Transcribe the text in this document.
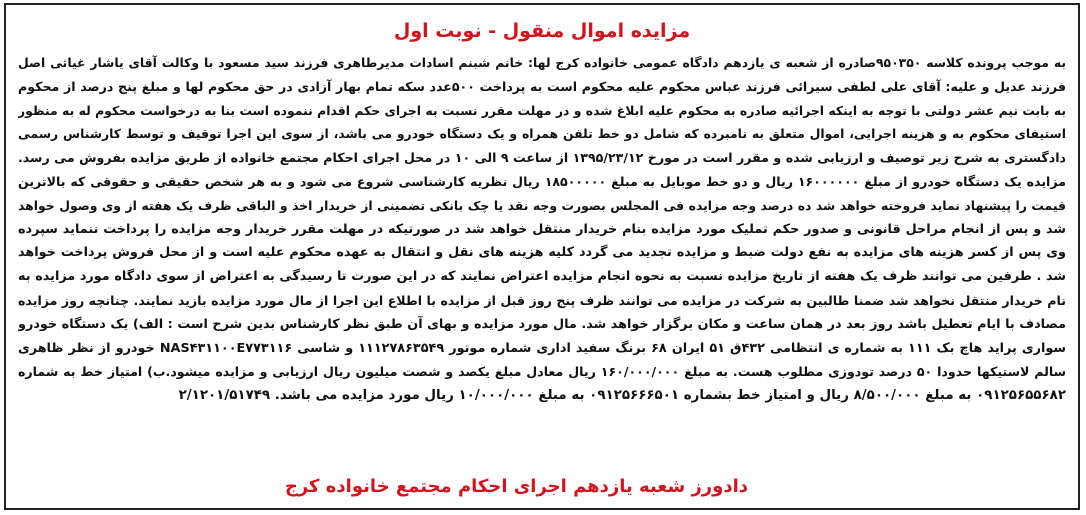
مزایده اموال منقول - نوبت اول
به موجب پرونده کلاسه ۹۵۰۳۵۰صادره از شعبه ی یازدهم دادگاه عمومی خانواده کرج لها: خانم شبنم اسادات مدیرطاهری فرزند سید مسعود با وکالت آقای یاشار غیاثی اصل
فرزند عدیل و علیه: آقای علی لطفی سیرائی فرزند عباس محکوم علیه محکوم است به پرداخت ۵۰۰عدد سکه تمام بهار آزادی در حق محکوم لها و مبلغ پنج درصد از محکوم
به بابت نیم عشر دولتی با توجه به اینکه اجرائیه صادره به محکوم علیه ابلاغ شده و در مهلت مقرر نسبت به اجرای حکم اقدام ننموده است بنا به درخواست محکوم له به منظور
استیفای محکوم به و هزینه اجرایی، اموال متعلق به نامبرده که شامل دو خط تلفن همراه و یک دستگاه خودرو می باشد، از سوی این اجرا توقیف و توسط کارشناس رسمی
دادگستری به شرح زیر توصیف و ارزیابی شده و مقرر است در مورخ ۱۳۹۵/۲۳/۱۲ از ساعت ۹ الی ۱۰ در محل اجرای احکام مجتمع خانواده از طریق مزایده بفروش می رسد.
مزایده یک دستگاه خودرو از مبلغ ۱۶۰۰۰۰۰۰ ریال و دو خط موبایل به مبلغ ۱۸۵۰۰۰۰۰ ریال نظریه کارشناسی شروع می شود و به هر شخص حقیقی و حقوقی که بالاترین
قیمت را پیشنهاد نماید فروخته خواهد شد ده درصد وجه مزایده فی المجلس بصورت وجه نقد یا چک بانکی تضمینی از خریدار اخذ و الباقی ظرف یک هفته از وی وصول خواهد
شد و پس از انجام مراحل قانونی و صدور حکم تملیک مورد مزایده بنام خریدار منتقل خواهد شد در صورتیکه در مهلت مقرر خریدار وجه مزایده را پرداخت ننماید سپرده
وی پس از کسر هزینه های مزایده به نفع دولت ضبط و مزایده تجدید می گردد کلیه هزینه های نقل و انتقال به عهده محکوم علیه است و از محل فروش پرداخت خواهد
شد . طرفین می توانند ظرف یک هفته از تاریخ مزایده نسبت به نحوه انجام مزایده اعتراض نمایند که در این صورت تا رسیدگی به اعتراض از سوی دادگاه مورد مزایده به
نام خریدار منتقل نخواهد شد ضمنا طالبین به شرکت در مزایده می توانند ظرف پنج روز قبل از مزایده با اطلاع این اجرا از مال مورد مزایده بازید نمایند. چنانچه روز مزایده
مصادف با ایام تعطیل باشد روز بعد در همان ساعت و مکان برگزار خواهد شد. مال مورد مزایده و بهای آن طبق نظر کارشناس بدین شرح است : الف) یک دستگاه خودرو
سواری پراید هاچ بک ۱۱۱ به شماره ی انتظامی ۴۳۲ق ۵۱ ایران ۶۸ برنگ سفید اداری شماره موتور ۱۱۱۲۷۸۶۳۵۴۹ و شاسی NAS۴۳۱۱۰۰E۷۷۳۱۱۶ خودرو از نظر ظاهری
سالم لاستیکها حدودا ۵۰ درصد تودوزی مطلوب هست. به مبلغ ۱۶۰/۰۰۰/۰۰۰ ریال معادل مبلغ یکصد و شصت میلیون ریال ارزیابی و مزایده میشود.ب) امتیاز خط به شماره
۰۹۱۲۵۶۵۵۶۸۲ به مبلغ ۸/۵۰۰/۰۰۰ ریال و امتیاز خط بشماره ۰۹۱۲۵۶۶۶۵۰۱ به مبلغ ۱۰/۰۰۰/۰۰۰ ریال مورد مزایده می باشد. ۲/۱۲۰۱/۵۱۷۴۹
دادورز شعبه یازدهم اجرای احکام مجتمع خانواده کرج
